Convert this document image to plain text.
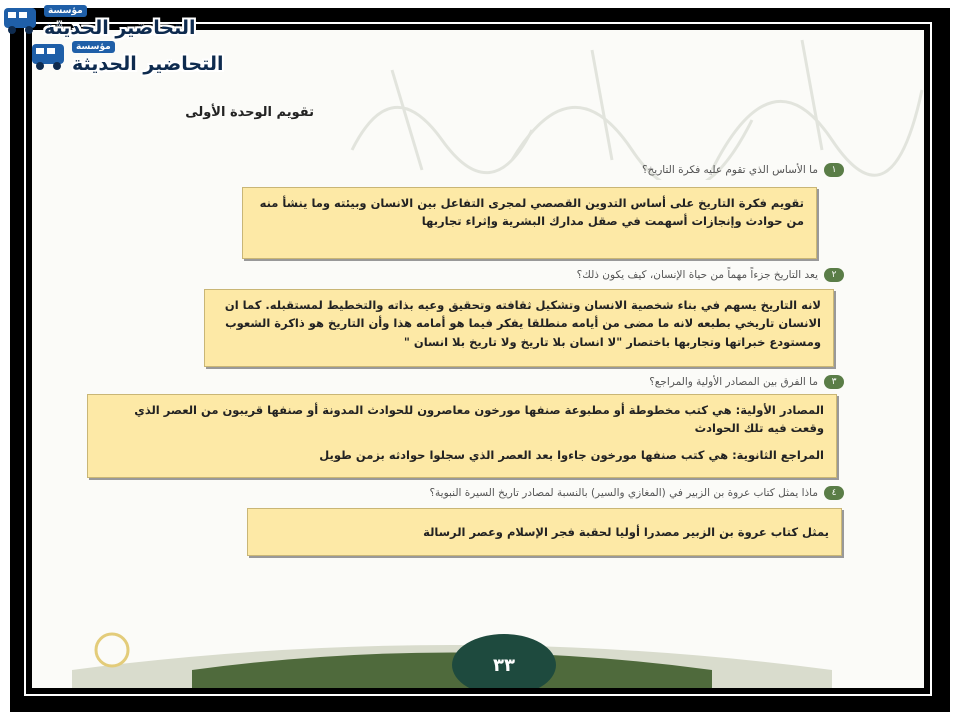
تقويم الوحدة الأولى
١
ما الأساس الذي تقوم عليه فكرة التاريخ؟

تقويم فكرة التاريخ على أساس التدوين القصصي لمجرى التفاعل بين الانسان وبيئته وما ينشأ منه من حوادث وإنجازات أسهمت في صقل مدارك البشرية وإثراء تجاربها

٢
يعد التاريخ جزءاً مهماً من حياة الإنسان، كيف يكون ذلك؟

لانه التاريخ يسهم في بناء شخصية الانسان وتشكيل ثقافته وتحقيق وعيه بذاته والتخطيط لمستقبله. كما ان الانسان تاريخي بطبعه لانه ما مضى من أيامه منطلقا يفكر فيما هو أمامه هذا وأن التاريخ هو ذاكرة الشعوب ومستودع خبراتها وتجاربها باختصار "لا انسان بلا تاريخ ولا تاريخ بلا انسان "

٣
ما الفرق بين المصادر الأولية والمراجع؟

المصادر الأولية: هي كتب مخطوطة أو مطبوعة صنفها مورخون معاصرون للحوادث المدونة أو صنفها قريبون من العصر الذي وقعت فيه تلك الحوادث

المراجع الثانوية: هي كتب صنفها مورخون جاءوا بعد العصر الذي سجلوا حوادثه بزمن طويل

٤
ماذا يمثل كتاب عروة بن الزبير في (المغازي والسير) بالنسبة لمصادر تاريخ السيرة النبوية؟

يمثل كتاب عروة بن الزبير مصدرا أوليا لحقبة فجر الإسلام وعصر الرسالة

٣٣
مؤسسة
التحاضير الحديثة
مؤسسة
التحاضير الحديثة
